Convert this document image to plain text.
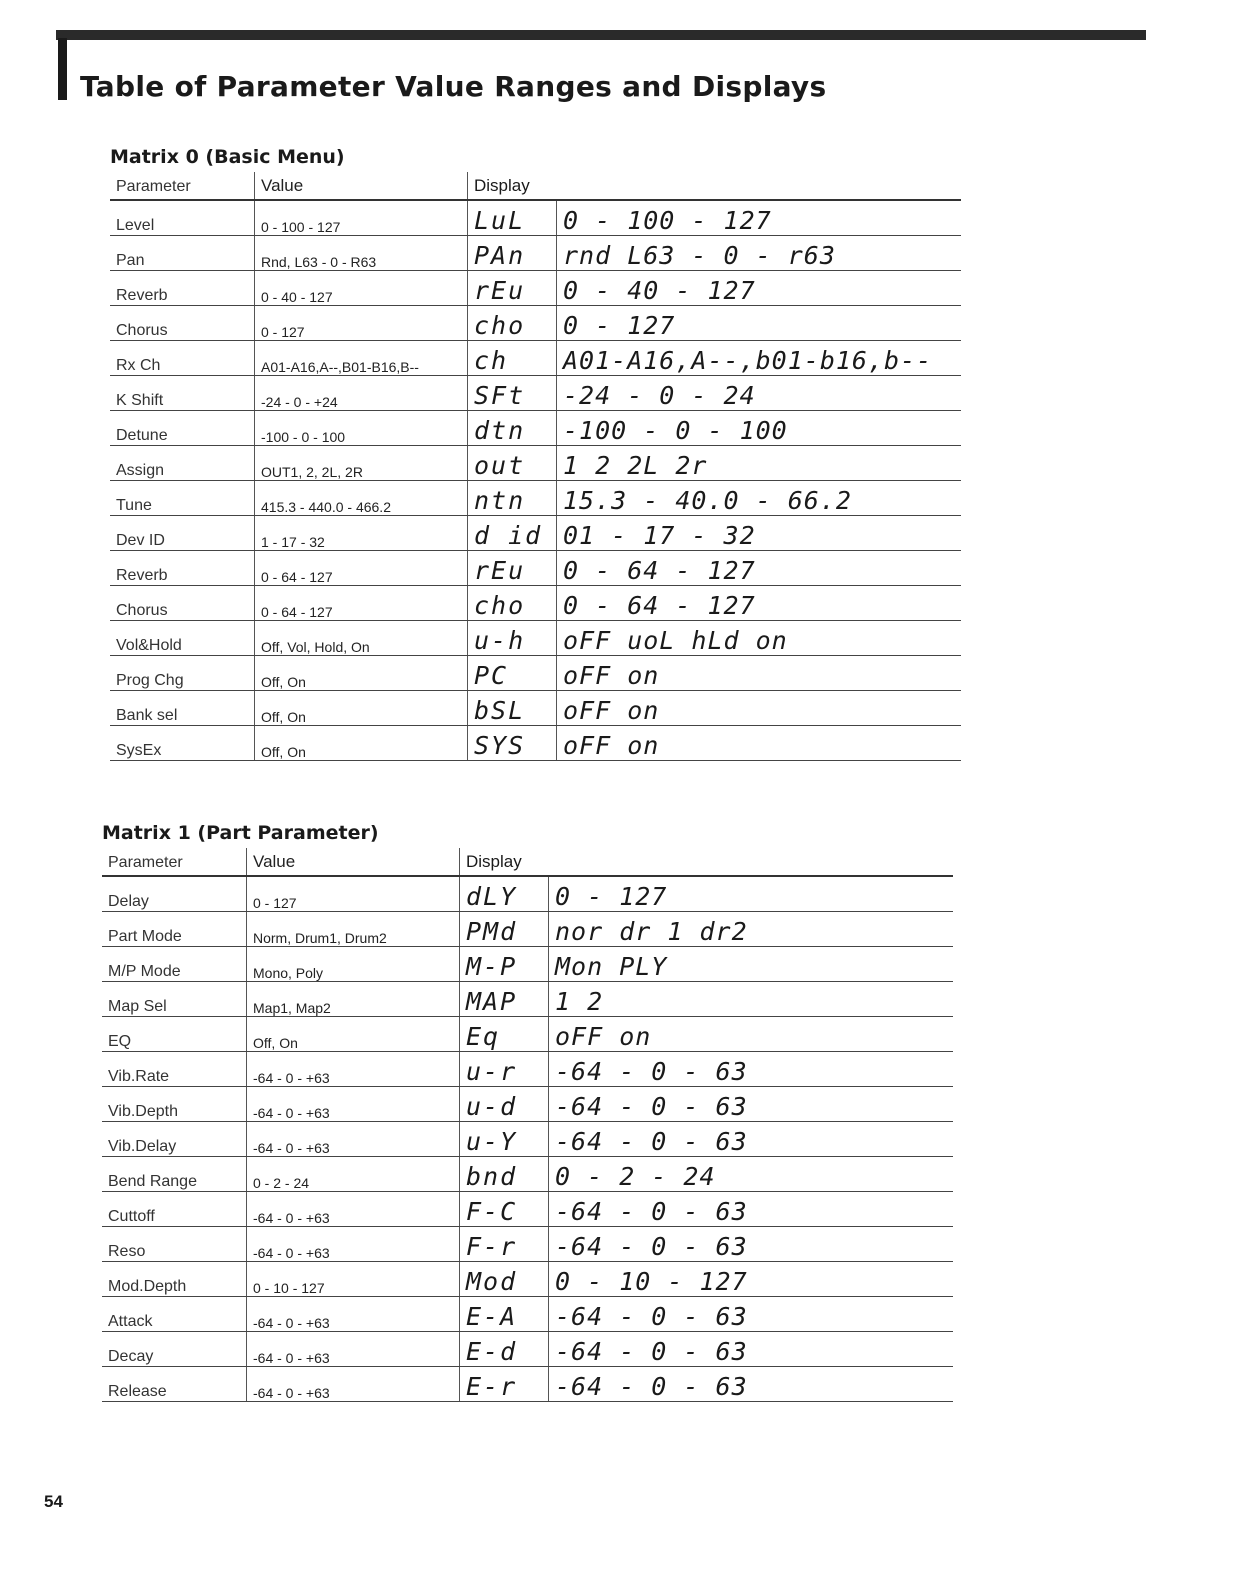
Table of Parameter Value Ranges and Displays
Matrix 0 (Basic Menu)
Parameter	Value	Display	
Level	0 - 100 - 127	LuL	0 - 100 - 127
Pan	Rnd, L63 - 0 - R63	PAn	rnd L63 - 0 - r63
Reverb	0 - 40 - 127	rEu	0 - 40 - 127
Chorus	0 - 127	cho	0 - 127
Rx Ch	A01-A16,A--,B01-B16,B--	ch	A01-A16,A--,b01-b16,b--
K Shift	-24 - 0 - +24	SFt	-24 - 0 - 24
Detune	-100 - 0 - 100	dtn	-100 - 0 - 100
Assign	OUT1, 2, 2L, 2R	out	1 2 2L 2r
Tune	415.3 - 440.0 - 466.2	ntn	15.3 - 40.0 - 66.2
Dev ID	1 - 17 - 32	d id	01 - 17 - 32
Reverb	0 - 64 - 127	rEu	0 - 64 - 127
Chorus	0 - 64 - 127	cho	0 - 64 - 127
Vol&Hold	Off, Vol, Hold, On	u-h	oFF uoL hLd on
Prog Chg	Off, On	PC	oFF on
Bank sel	Off, On	bSL	oFF on
SysEx	Off, On	SYS	oFF on
Matrix 1 (Part Parameter)
Parameter	Value	Display	
Delay	0 - 127	dLY	0 - 127
Part Mode	Norm, Drum1, Drum2	PMd	nor dr 1 dr2
M/P Mode	Mono, Poly	M-P	Mon PLY
Map Sel	Map1, Map2	MAP	1 2
EQ	Off, On	Eq	oFF on
Vib.Rate	-64 - 0 - +63	u-r	-64 - 0 - 63
Vib.Depth	-64 - 0 - +63	u-d	-64 - 0 - 63
Vib.Delay	-64 - 0 - +63	u-Y	-64 - 0 - 63
Bend Range	0 - 2 - 24	bnd	0 - 2 - 24
Cuttoff	-64 - 0 - +63	F-C	-64 - 0 - 63
Reso	-64 - 0 - +63	F-r	-64 - 0 - 63
Mod.Depth	0 - 10 - 127	Mod	0 - 10 - 127
Attack	-64 - 0 - +63	E-A	-64 - 0 - 63
Decay	-64 - 0 - +63	E-d	-64 - 0 - 63
Release	-64 - 0 - +63	E-r	-64 - 0 - 63
54
